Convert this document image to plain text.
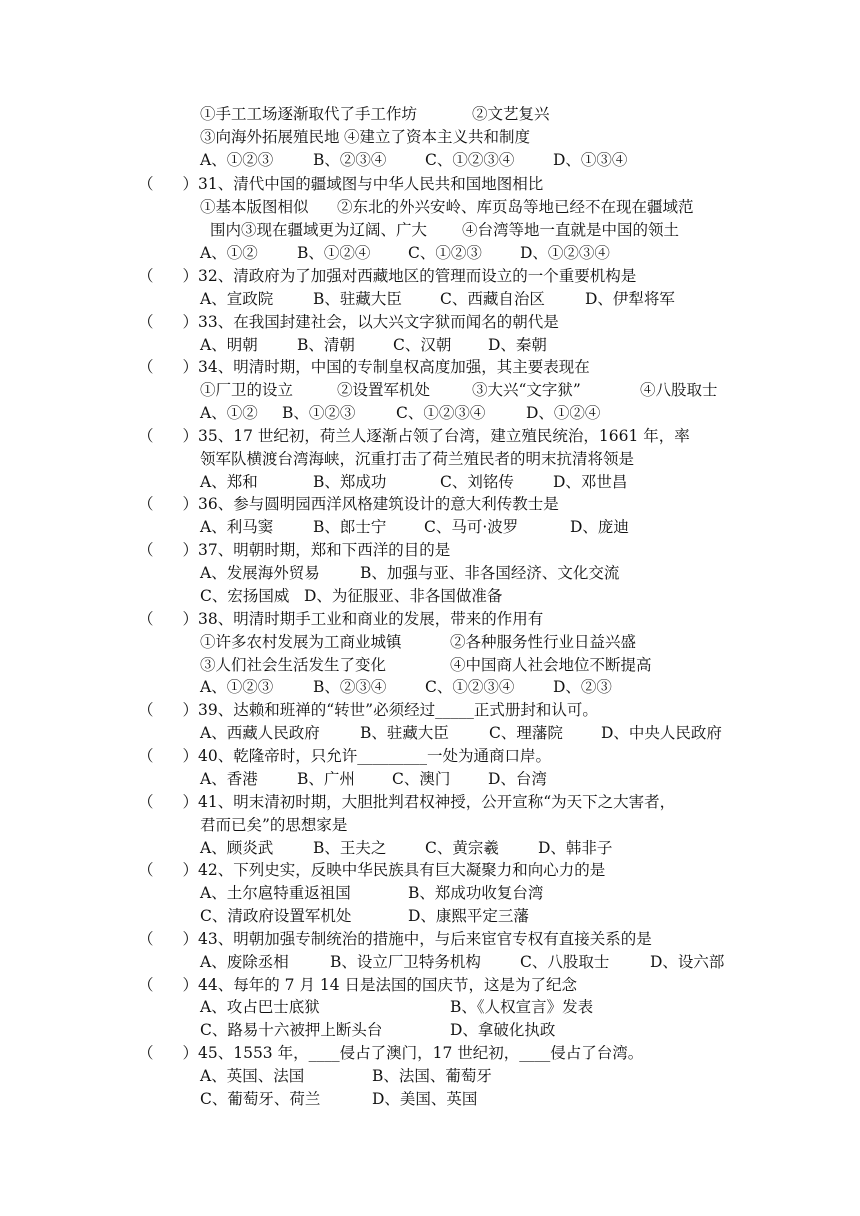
①手工工场逐渐取代了手工作坊	②文艺复兴
③向海外拓展殖民地 ④建立了资本主义共和制度
A、①②③	B、②③④ C、①②③④ D、①③④
（ ）31、清代中国的疆域图与中华人民共和国地图相比
①基本版图相似 ②东北的外兴安岭、库页岛等地已经不在现在疆域范
围内③现在疆域更为辽阔、广大 ④台湾等地一直就是中国的领土
A、①②	B、①②④ C、①②③ D、①②③④
（ ）32、清政府为了加强对西藏地区的管理而设立的一个重要机构是
A、宣政院	B、驻藏大臣 C、西藏自治区	D、伊犁将军
（ ）33、在我国封建社会，以大兴文字狱而闻名的朝代是
A、明朝	B、清朝 C、汉朝 D、秦朝
（ ）34、明清时期，中国的专制皇权高度加强，其主要表现在
①厂卫的设立	②设置军机处	③大兴“文字狱”	④八股取士
A、①② B、①②③	C、①②③④	D、①②④
（ ）35、17 世纪初，荷兰人逐渐占领了台湾，建立殖民统治，1661 年，率
领军队横渡台湾海峡，沉重打击了荷兰殖民者的明末抗清将领是
A、郑和	B、郑成功	C、刘铭传	D、邓世昌
（ ）36、参与圆明园西洋风格建筑设计的意大利传教士是
A、利马窦	B、郎士宁 C、马可·波罗	D、庞迪
（ ）37、明朝时期，郑和下西洋的目的是
A、发展海外贸易	B、加强与亚、非各国经济、文化交流
C、宏扬国威 D、为征服亚、非各国做准备
（ ）38、明清时期手工业和商业的发展，带来的作用有
①许多农村发展为工商业城镇	②各种服务性行业日益兴盛
③人们社会生活发生了变化	④中国商人社会地位不断提高
A、①②③	B、②③④ C、①②③④ D、②③
（ ）39、达赖和班禅的“转世”必须经过_____正式册封和认可。
A、西藏人民政府	B、驻藏大臣	C、理藩院 D、中央人民政府
（ ）40、乾隆帝时，只允许_________一处为通商口岸。
A、香港	B、广州 C、澳门 D、台湾
（ ）41、明末清初时期，大胆批判君权神授，公开宣称“为天下之大害者，
君而已矣”的思想家是
A、顾炎武	B、王夫之 C、黄宗羲	D、韩非子
（ ）42、下列史实，反映中华民族具有巨大凝聚力和向心力的是
A、土尔扈特重返祖国	B、郑成功收复台湾
C、清政府设置军机处	D、康熙平定三藩
（ ）43、明朝加强专制统治的措施中，与后来宦官专权有直接关系的是
A、废除丞相	B、设立厂卫特务机构	C、八股取士	D、设六部
（ ）44、每年的 7 月 14 日是法国的国庆节，这是为了纪念
A、攻占巴士底狱	B、《人权宣言》发表
C、路易十六被押上断头台	D、拿破化执政
（ ）45、1553 年，____侵占了澳门，17 世纪初，____侵占了台湾。
A、英国、法国	B、法国、葡萄牙
C、葡萄牙、荷兰	D、美国、英国
